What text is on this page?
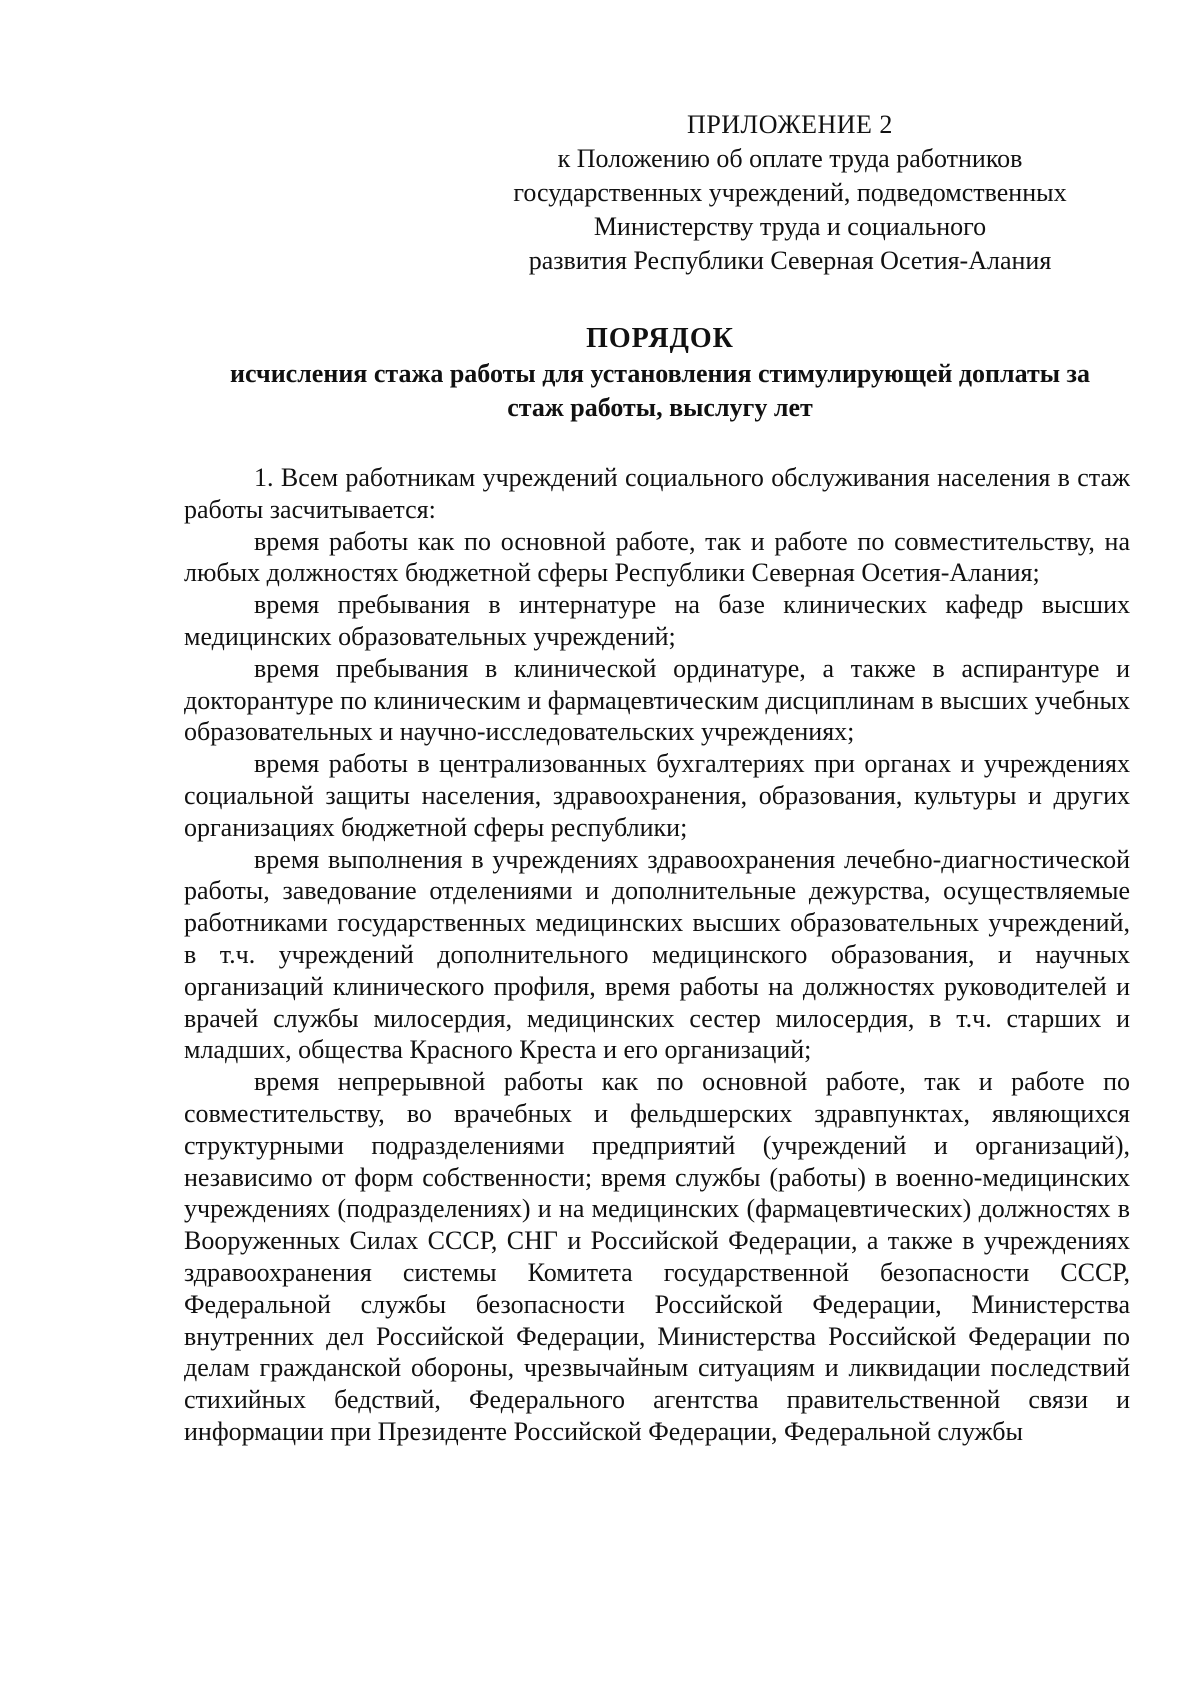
ПРИЛОЖЕНИЕ 2
к Положению об оплате труда работников
государственных учреждений, подведомственных
Министерству труда и социального
развития Республики Северная Осетия-Алания
ПОРЯДОК
исчисления стажа работы для установления стимулирующей доплаты за
стаж работы, выслугу лет

1. Всем работникам учреждений социального обслуживания населения в стаж работы засчитывается:

время работы как по основной работе, так и работе по совместительству, на любых должностях бюджетной сферы Республики Северная Осетия-Алания;

время пребывания в интернатуре на базе клинических кафедр высших медицинских образовательных учреждений;

время пребывания в клинической ординатуре, а также в аспирантуре и докторантуре по клиническим и фармацевтическим дисциплинам в высших учебных образовательных и научно-исследовательских учреждениях;

время работы в централизованных бухгалтериях при органах и учреждениях социальной защиты населения, здравоохранения, образования, культуры и других организациях бюджетной сферы республики;

время выполнения в учреждениях здравоохранения лечебно-диагностической работы, заведование отделениями и дополнительные дежурства, осуществляемые работниками государственных медицинских высших образовательных учреждений, в т.ч. учреждений дополнительного медицинского образования, и научных организаций клинического профиля, время работы на должностях руководителей и врачей службы милосердия, медицинских сестер милосердия, в т.ч. старших и младших, общества Красного Креста и его организаций;

время непрерывной работы как по основной работе, так и работе по совместительству, во врачебных и фельдшерских здравпунктах, являющихся структурными подразделениями предприятий (учреждений и организаций), независимо от форм собственности; время службы (работы) в военно-медицинских учреждениях (подразделениях) и на медицинских (фармацевтических) должностях в Вооруженных Силах СССР, СНГ и Российской Федерации, а также в учреждениях здравоохранения системы Комитета государственной безопасности СССР, Федеральной службы безопасности Российской Федерации, Министерства внутренних дел Российской Федерации, Министерства Российской Федерации по делам гражданской обороны, чрезвычайным ситуациям и ликвидации последствий стихийных бедствий, Федерального агентства правительственной связи и информации при Президенте Российской Федерации, Федеральной службы
